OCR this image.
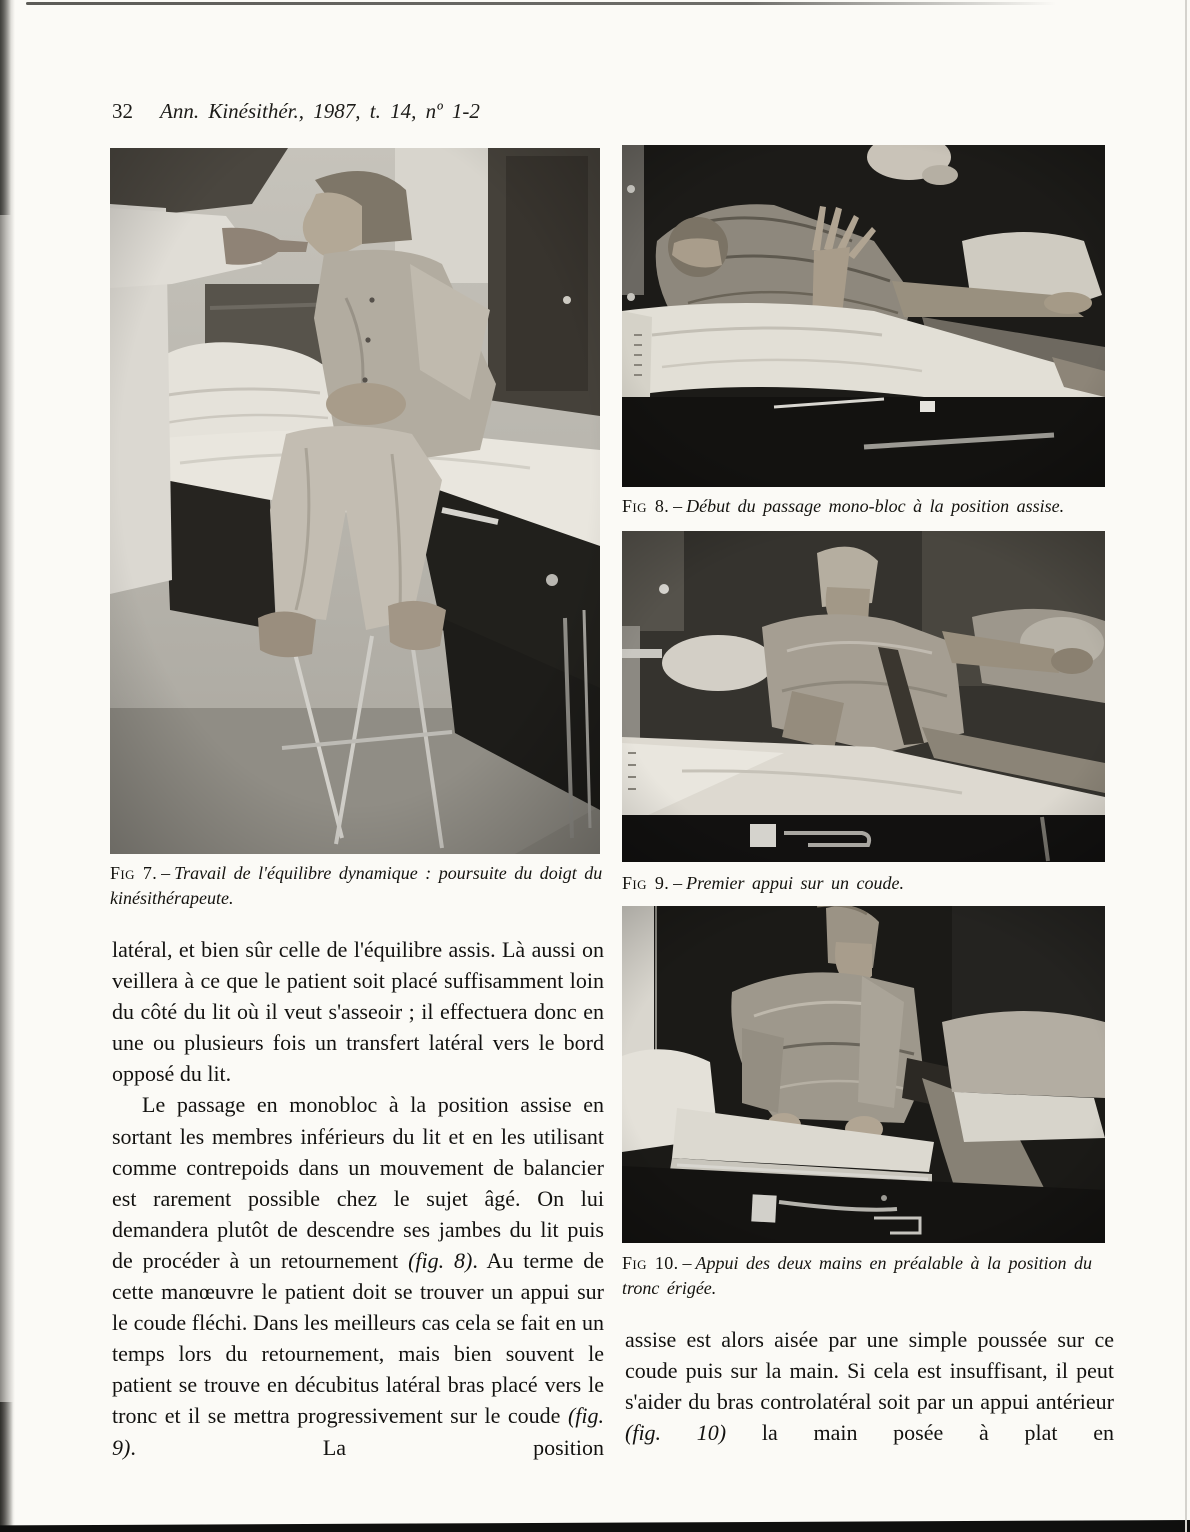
32 Ann. Kinésithér., 1987, t. 14, nº 1-2
Fig 7. – Travail de l'équilibre dynamique : poursuite du doigt du kinésithérapeute.
Fig 8. – Début du passage mono-bloc à la position assise.
Fig 9. – Premier appui sur un coude.
Fig 10. – Appui des deux mains en préalable à la position du tronc érigée.

latéral, et bien sûr celle de l'équilibre assis. Là aussi on veillera à ce que le patient soit placé suffisamment loin du côté du lit où il veut s'asseoir ; il effectuera donc en une ou plusieurs fois un transfert latéral vers le bord opposé du lit.

Le passage en monobloc à la position assise en sortant les membres inférieurs du lit et en les utilisant comme contrepoids dans un mouvement de balancier est rarement possible chez le sujet âgé. On lui demandera plutôt de descendre ses jambes du lit puis de procéder à un retournement (fig. 8). Au terme de cette manœuvre le patient doit se trouver un appui sur le coude fléchi. Dans les meilleurs cas cela se fait en un temps lors du retournement, mais bien souvent le patient se trouve en décubitus latéral bras placé vers le tronc et il se mettra progressivement sur le coude (fig. 9). La position

assise est alors aisée par une simple poussée sur ce coude puis sur la main. Si cela est insuffisant, il peut s'aider du bras controlatéral soit par un appui antérieur (fig. 10) la main posée à plat en
